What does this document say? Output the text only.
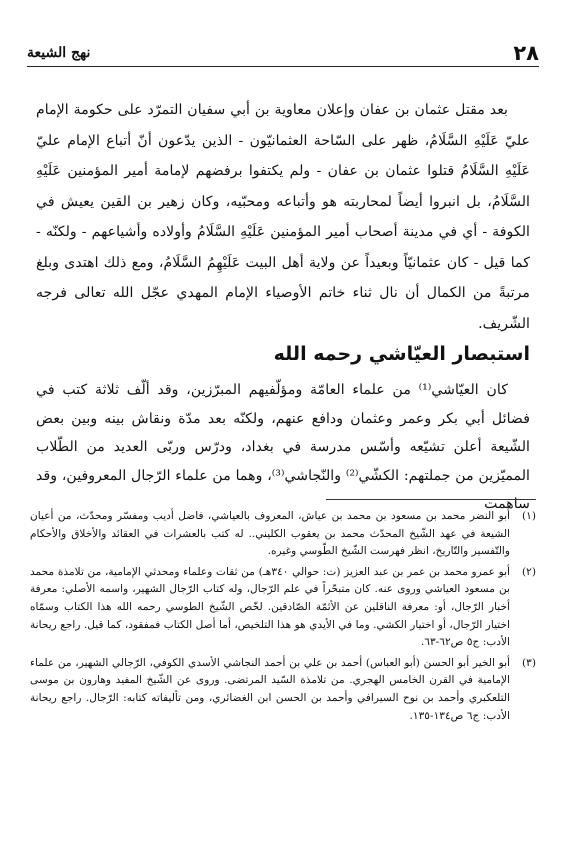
٢٨
نهج الشيعة

بعد مقتل عثمان بن عفان وإعلان معاوية بن أبي سفيان التمرّد على حكومة الإمام عليّ عَلَيْهِ السَّلَامُ، ظهر على السّاحة العثمانيّون - الذين يدّعون أنّ أتباع الإمام عليّ عَلَيْهِ السَّلَامُ قتلوا عثمان بن عفان - ولم يكتفوا برفضهم لإمامة أمير المؤمنين عَلَيْهِ السَّلَامُ، بل انبروا أيضاً لمحاربته هو وأتباعه ومحبّيه، وكان زهير بن القين يعيش في الكوفة - أي في مدينة أصحاب أمير المؤمنين عَلَيْهِ السَّلَامُ وأولاده وأشياعهم - ولكنّه - كما قيل - كان عثمانيّاً وبعيداً عن ولاية أهل البيت عَلَيْهِمُ السَّلَامُ، ومع ذلك اهتدى وبلغ مرتبةً من الكمال أن نال ثناء خاتم الأوصياء الإمام المهدي عجّل الله تعالى فرجه الشّريف.

استبصار العيّاشي رحمه الله

كان العيّاشي⁽¹⁾ من علماء العامّة ومؤلّفيهم المبرّزين، وقد ألّف ثلاثة كتب في فضائل أبي بكر وعمر وعثمان ودافع عنهم، ولكنّه بعد مدّة ونقاش بينه وبين بعض الشّيعة أعلن تشيّعه وأسّس مدرسة في بغداد، ودرّس وربّى العديد من الطّلاب المميّزين من جملتهم: الكشّي⁽²⁾ والنّجاشي⁽³⁾، وهما من علماء الرّجال المعروفين، وقد ساهمت

(١)
أبو النضر محمد بن مسعود بن محمد بن عياش، المعروف بالعياشي، فاضل أديب ومفسّر ومحدّث، من أعيان الشيعة في عهد الشّيخ المحدّث محمد بن يعقوب الكليني.. له كتب بالعشرات في العقائد والأخلاق والأحكام والتّفسير والتّاريخ، انظر فهرست الشّيخ الطّوسي وغيره.
(٢)
أبو عمرو محمد بن عمر بن عبد العزيز (ت: حوالي ٣٤٠هـ) من ثقات وعلماء ومحدثي الإمامية، من تلامذة محمد بن مسعود العياشي وروى عنه. كان متبحّراً في علم الرّجال، وله كتاب الرّجال الشهير، واسمه الأصلي: معرفة أخبار الرّجال، أو: معرفة الناقلين عن الأئمّة الصّادقين. لخّص الشّيخ الطوسي رحمه الله هذا الكتاب وسمّاه اختيار الرّجال، أو اختيار الكشي. وما في الأيدي هو هذا التلخيص، أما أصل الكتاب فمفقود، كما قيل. راجع ريحانة الأدب: ج٥ ص٦٢-٦٣.
(٣)
أبو الخير أبو الحسن (أبو العباس) أحمد بن علي بن أحمد النجاشي الأسدي الكوفي، الرّجالي الشهير، من علماء الإمامية في القرن الخامس الهجري. من تلامذة السّيد المرتضى. وروى عن الشّيخ المفيد وهارون بن موسى التلعكبري وأحمد بن نوح السيرافي وأحمد بن الحسن ابن الغضائري، ومن تأليفاته كتابه: الرّجال. راجع ريحانة الأدب: ج٦ ص١٣٤-١٣٥.
